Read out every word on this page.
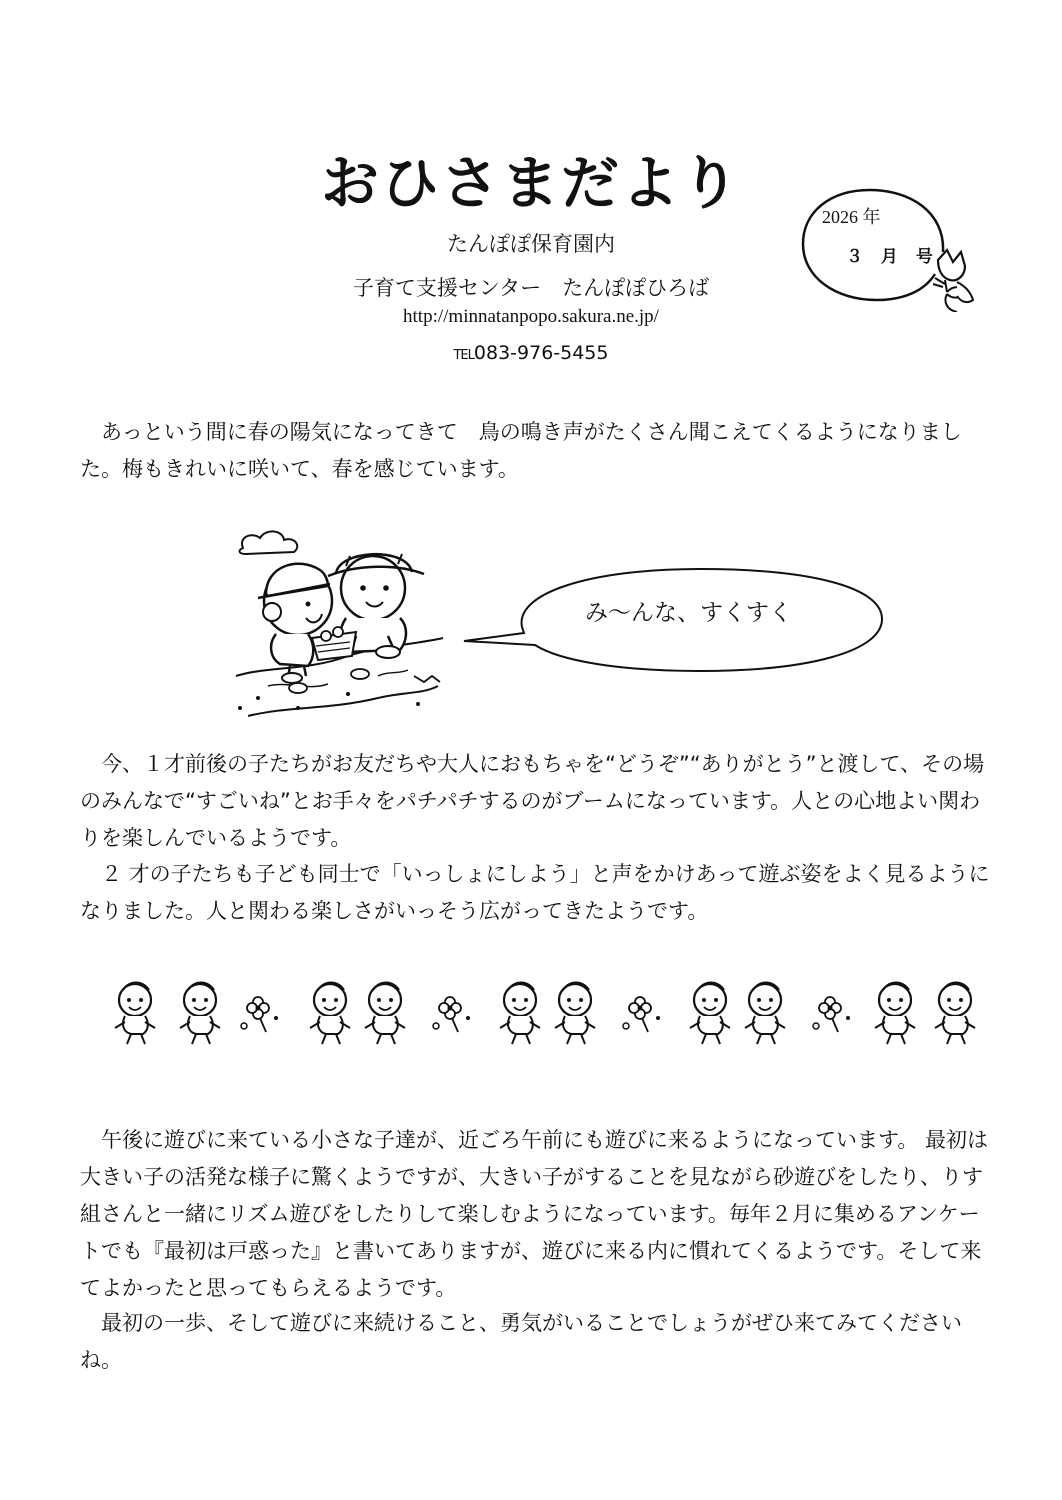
おひさまだより
たんぽぽ保育園内
子育て支援センター　たんぽぽひろば
http://minnatanpopo.sakura.ne.jp/
TEL083-976-5455
2026 年
３ 月 号

あっという間に春の陽気になってきて　鳥の鳴き声がたくさん聞こえてくるようになりました。梅もきれいに咲いて、春を感じています。

み～んな、すくすく

今、１才前後の子たちがお友だちや大人におもちゃを“どうぞ”“ありがとう”と渡して、その場のみんなで“すごいね”とお手々をパチパチするのがブームになっています。人との心地よい関わりを楽しんでいるようです。

２ 才の子たちも子ども同士で「いっしょにしよう」と声をかけあって遊ぶ姿をよく見るようになりました。人と関わる楽しさがいっそう広がってきたようです。

午後に遊びに来ている小さな子達が、近ごろ午前にも遊びに来るようになっています。 最初は大きい子の活発な様子に驚くようですが、大きい子がすることを見ながら砂遊びをしたり、りす組さんと一緒にリズム遊びをしたりして楽しむようになっています。毎年２月に集めるアンケートでも『最初は戸惑った』と書いてありますが、遊びに来る内に慣れてくるようです。そして来てよかったと思ってもらえるようです。

最初の一歩、そして遊びに来続けること、勇気がいることでしょうがぜひ来てみてくださいね。
